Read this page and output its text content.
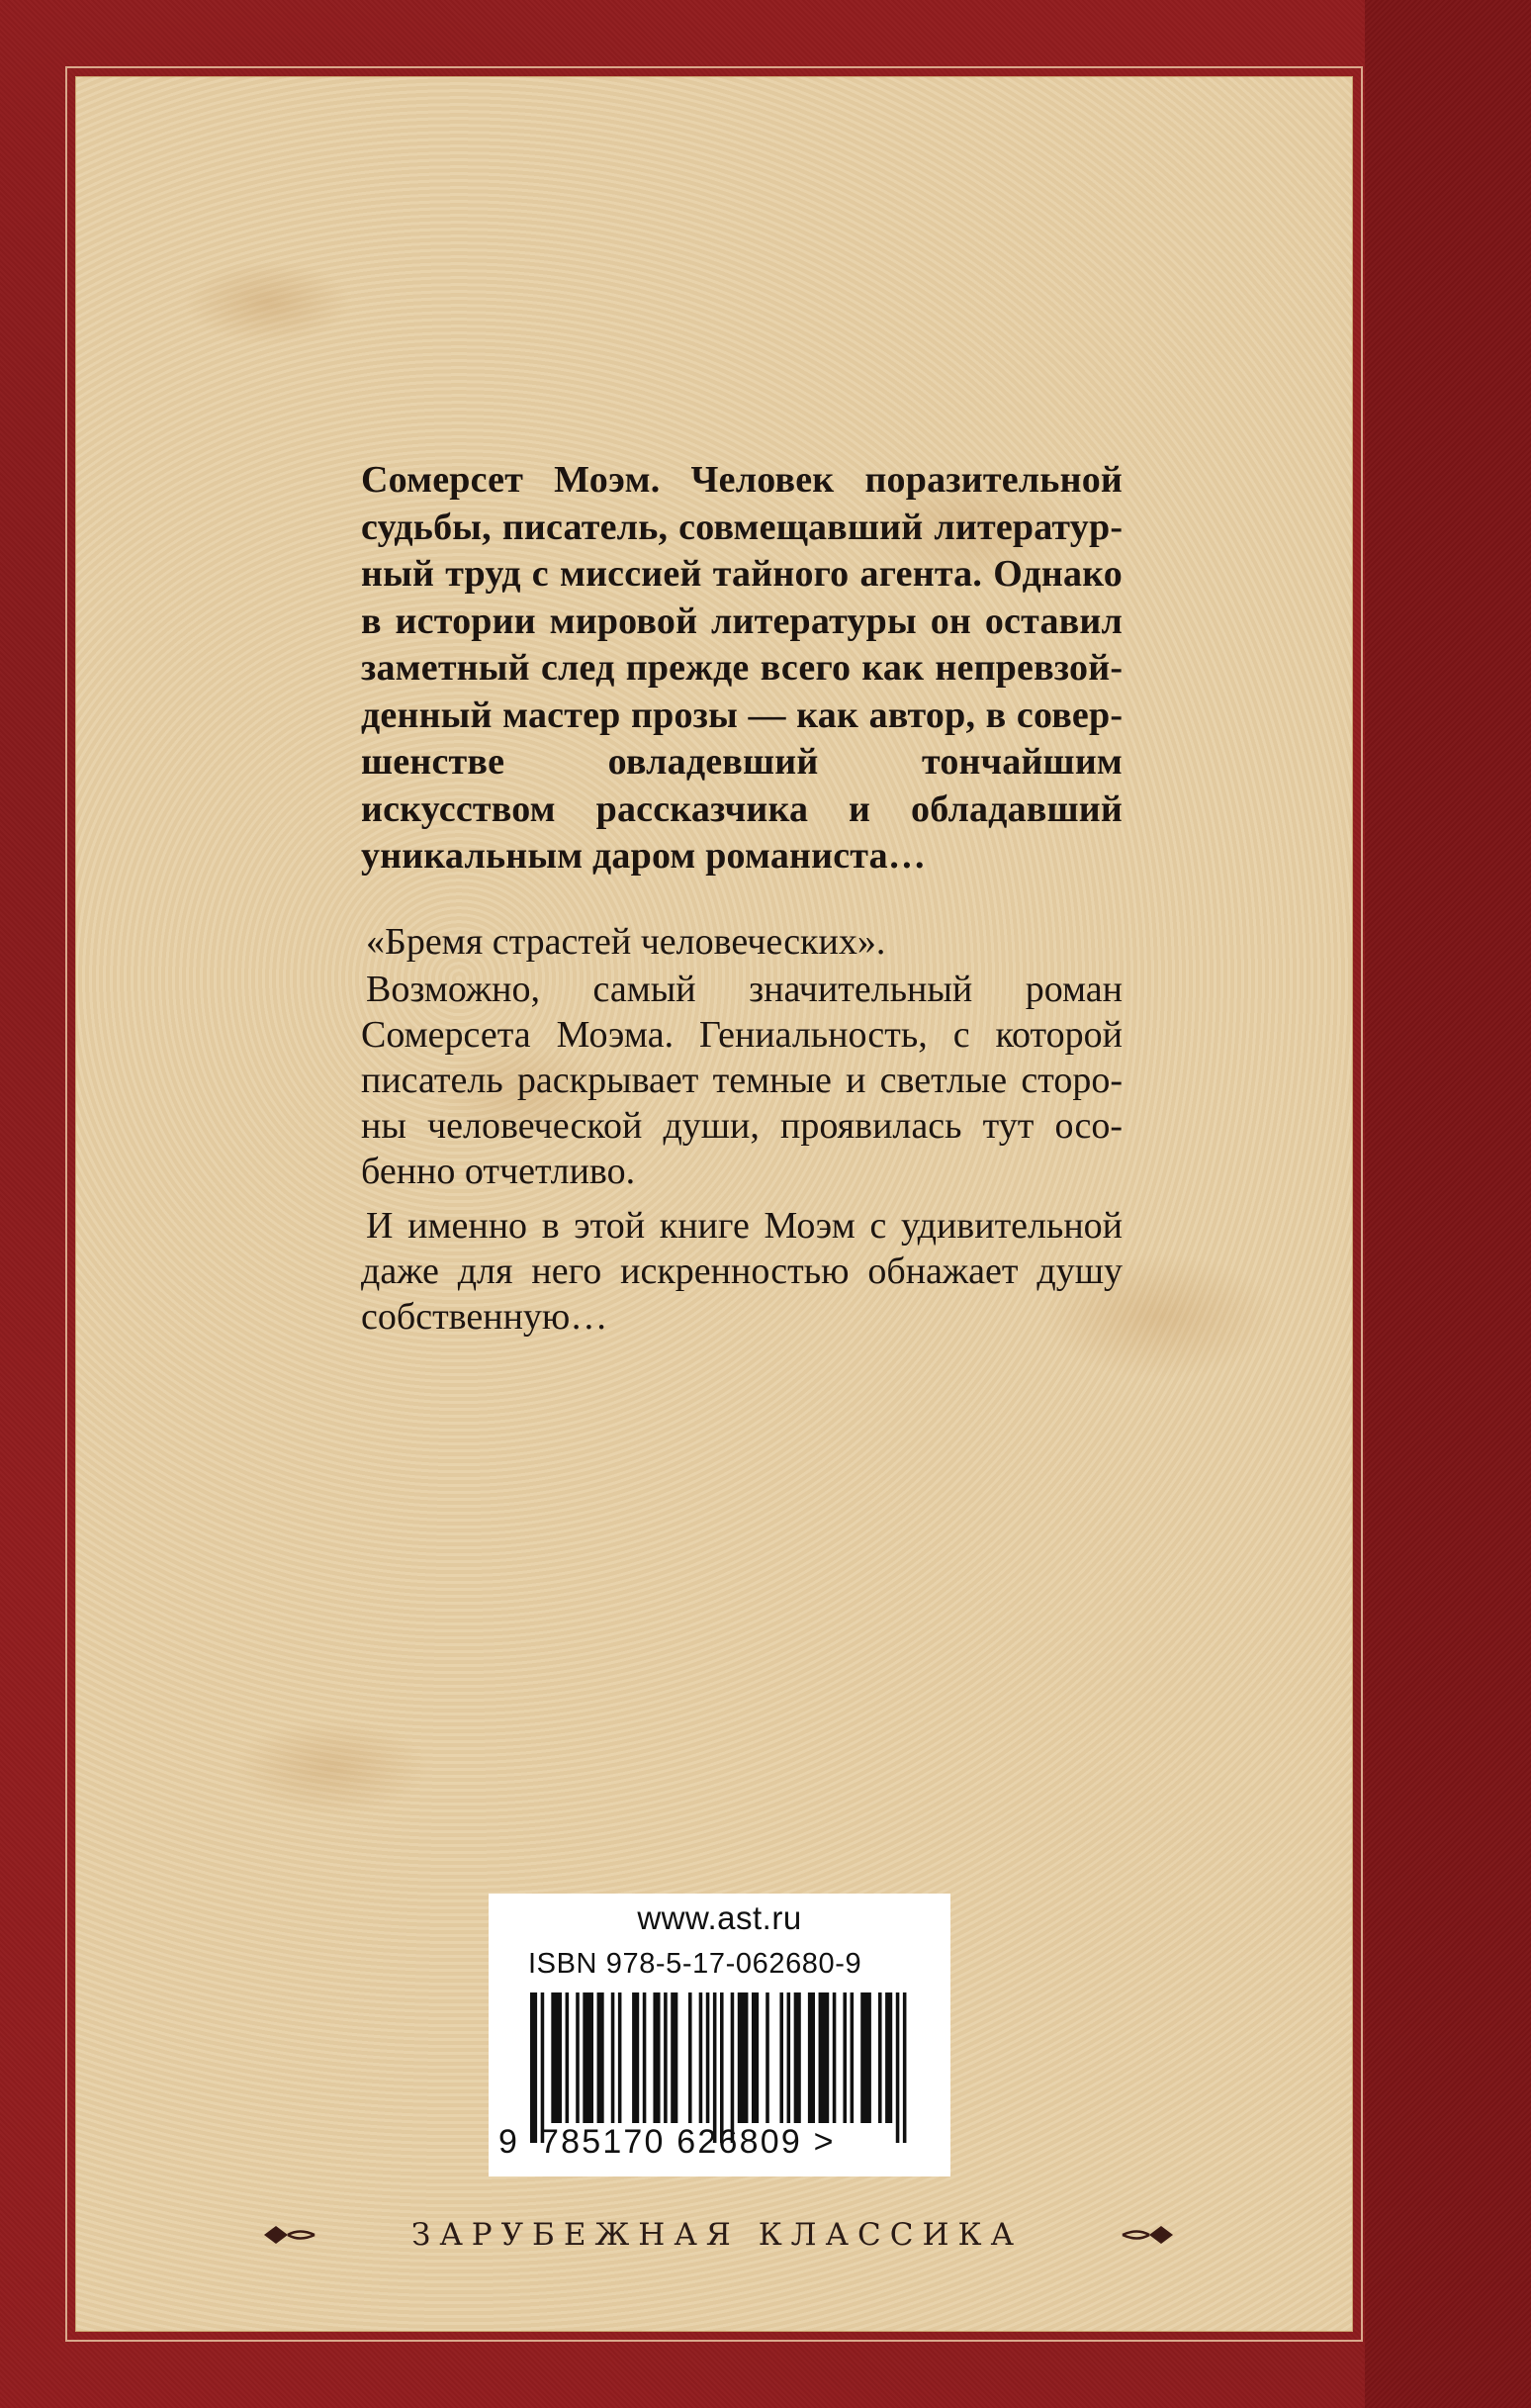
Сомерсет Моэм. Человек поразительной судьбы, писатель, совмещавший литературный труд с миссией тайного агента. Однако в истории мировой литературы он оставил заметный след прежде всего как непревзойденный мастер прозы — как автор, в совершенстве овладевший тончайшим искусством рассказчика и обладавший уникальным даром романиста…

«Бремя страстей человеческих».

Возможно, самый значительный роман Сомерсета Моэма. Гениальность, с которой писатель раскрывает темные и светлые стороны человеческой души, проявилась тут особенно отчетливо.

И именно в этой книге Моэм с удивительной даже для него искренностью обнажает душу собственную…

www.ast.ru
ISBN 978-5-17-062680-9
9 785170 626809 >
ЗАРУБЕЖНАЯ КЛАССИКА
